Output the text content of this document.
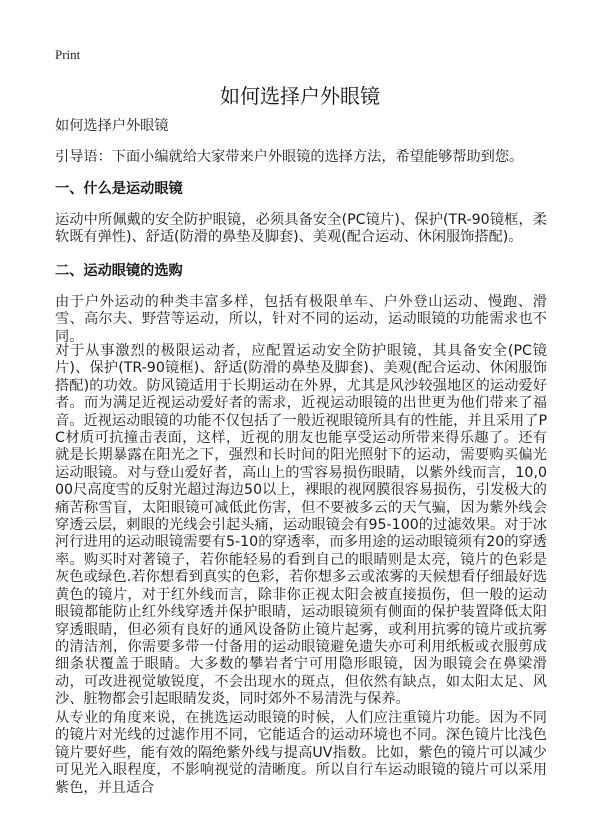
Print
如何选择户外眼镜

如何选择户外眼镜

引导语：下面小编就给大家带来户外眼镜的选择方法，希望能够帮助到您。

一、什么是运动眼镜

运动中所佩戴的安全防护眼镜，必须具备安全(PC镜片)、保护(TR-90镜框，柔软既有弹性)、舒适(防滑的鼻垫及脚套)、美观(配合运动、休闲服饰搭配)。

二、运动眼镜的选购

由于户外运动的种类丰富多样，包括有极限单车、户外登山运动、慢跑、滑雪、高尔夫、野营等运动，所以，针对不同的运动，运动眼镜的功能需求也不同。

对于从事激烈的极限运动者，应配置运动安全防护眼镜，其具备安全(PC镜片)、保护(TR-90镜框)、舒适(防滑的鼻垫及脚套)、美观(配合运动、休闲服饰搭配)的功效。防风镜适用于长期运动在外界，尤其是风沙较强地区的运动爱好者。而为满足近视运动爱好者的需求，近视运动眼镜的出世更为他们带来了福音。近视运动眼镜的功能不仅包括了一般近视眼镜所具有的性能，并且采用了PC材质可抗撞击表面，这样，近视的朋友也能享受运动所带来得乐趣了。还有就是长期暴露在阳光之下，强烈和长时间的阳光照射下的运动，需要购买偏光运动眼镜。对与登山爱好者，高山上的雪容易损伤眼睛，以紫外线而言，10,000尺高度雪的反射光超过海边50以上，裸眼的视网膜很容易损伤，引发极大的痛苦称雪盲，太阳眼镜可减低此伤害，但不要被多云的天气骗，因为紫外线会穿透云层，刺眼的光线会引起头痛，运动眼镜会有95-100的过滤效果。对于冰河行进用的运动眼镜需要有5-10的穿透率，而多用途的运动眼镜须有20的穿透率。购买时对著镜子，若你能轻易的看到自己的眼睛则是太亮，镜片的色彩是灰色或绿色.若你想看到真实的色彩，若你想多云或浓雾的天候想看仔细最好选黄色的镜片，对于红外线而言，除非你正视太阳会被直接损伤，但一般的运动眼镜都能防止红外线穿透并保护眼睛，运动眼镜须有侧面的保护装置降低太阳穿透眼睛，但必须有良好的通风设备防止镜片起雾，或利用抗雾的镜片或抗雾的清洁剂，你需要多带一付备用的运动眼镜避免遗失亦可利用纸板或衣服剪成细条状覆盖于眼睛。大多数的攀岩者宁可用隐形眼镜，因为眼镜会在鼻梁滑动，可改进视觉敏锐度，不会出现水的斑点，但依然有缺点，如太阳太足、风沙、脏物都会引起眼睛发炎，同时郊外不易清洗与保养。

从专业的角度来说，在挑选运动眼镜的时候，人们应注重镜片功能。因为不同的镜片对光线的过滤作用不同，它能适合的运动环境也不同。深色镜片比浅色镜片要好些，能有效的隔绝紫外线与提高UV指数。比如，紫色的镜片可以减少可见光入眼程度，不影响视觉的清晰度。所以自行车运动眼镜的镜片可以采用紫色，并且适合
